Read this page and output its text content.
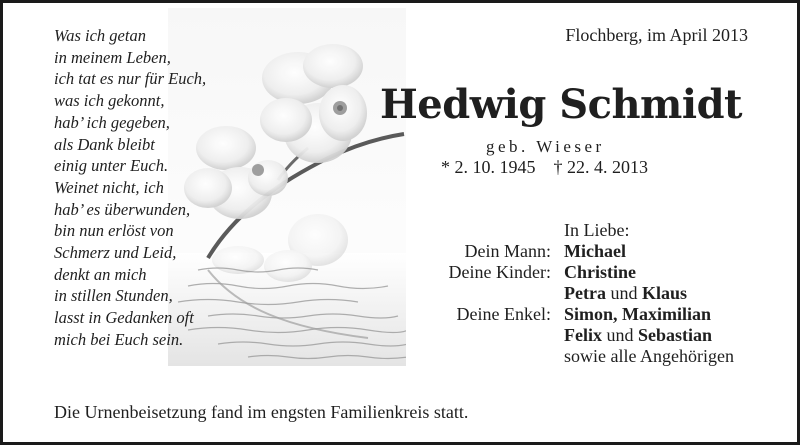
Was ich getan
in meinem Leben,
ich tat es nur für Euch,
was ich gekonnt,
hab’ ich gegeben,
als Dank bleibt
einig unter Euch.
Weinet nicht, ich
hab’ es überwunden,
bin nun erlöst von
Schmerz und Leid,
denkt an mich
in stillen Stunden,
lasst in Gedanken oft
mich bei Euch sein.
Flochberg, im April 2013
Hedwig Schmidt
geb. Wieser
* 2. 10. 1945 † 22. 4. 2013
In Liebe:
Dein Mann: Michael
Deine Kinder: Christine
Petra und Klaus
Deine Enkel: Simon, Maximilian
Felix und Sebastian
sowie alle Angehörigen
Die Urnenbeisetzung fand im engsten Familienkreis statt.
